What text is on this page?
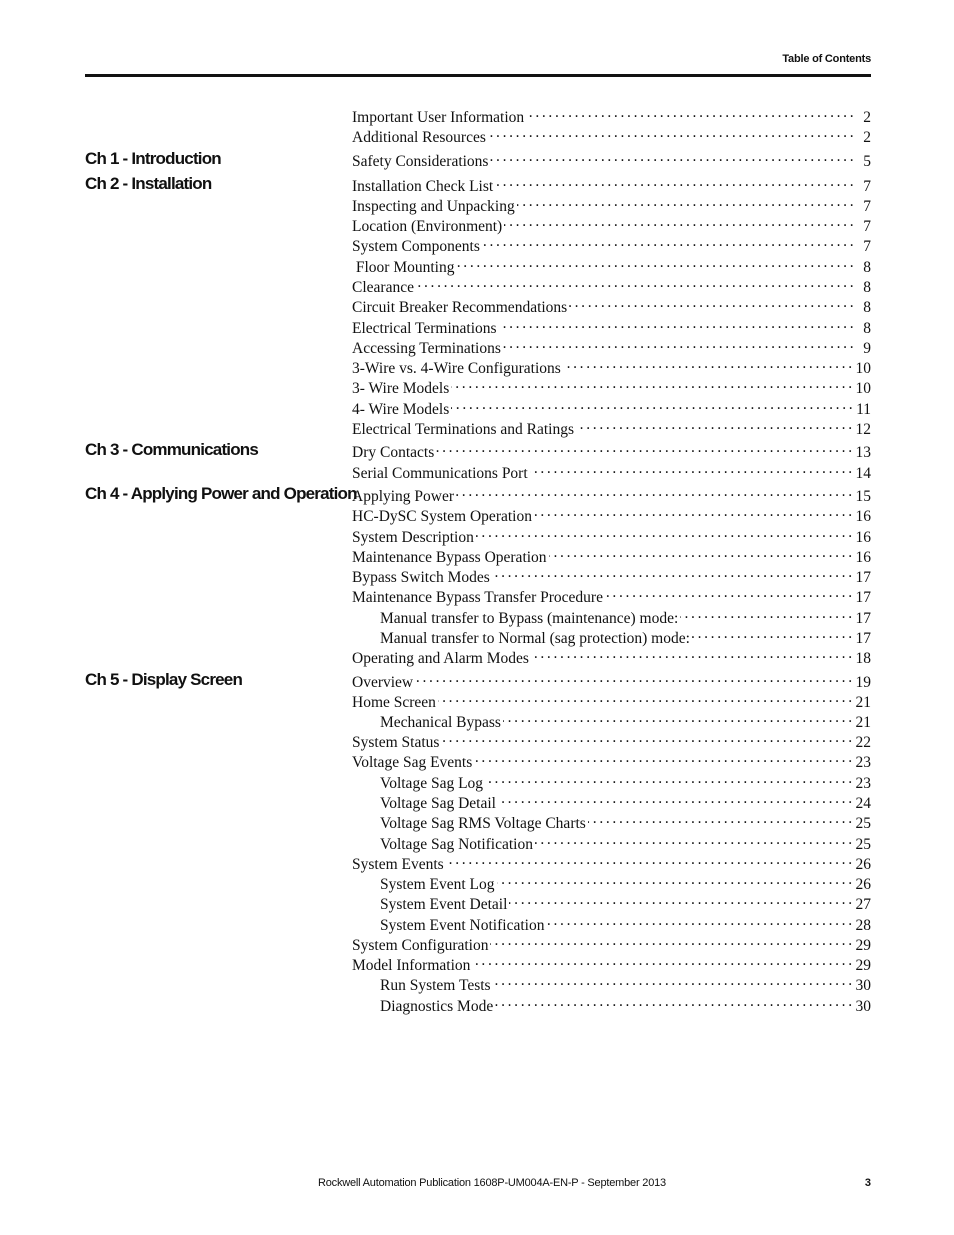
Table of Contents
Ch 1 - Introduction
Ch 2 - Installation
Ch 3 - Communications
Ch 4 - Applying Power and Operation
Ch 5 - Display Screen
Important User Information . . .	2
Additional Resources . . .	2
Safety Considerations . . .	5
Installation Check List . . .	7
Inspecting and Unpacking . . .	7
Location (Environment) . . .	7
System Components . . .	7
Floor Mounting . . .	8
Clearance . . .	8
Circuit Breaker Recommendations . . .	8
Electrical Terminations . . .	8
Accessing Terminations . . .	9
3-Wire vs. 4-Wire Configurations . . .	10
3- Wire Models . . .	10
4- Wire Models . . .	11
Electrical Terminations and Ratings . . .	12
Dry Contacts . . .	13
Serial Communications Port . . .	14
Applying Power . . .	15
HC-DySC System Operation . . .	16
System Description . . .	16
Maintenance Bypass Operation . . .	16
Bypass Switch Modes . . .	17
Maintenance Bypass Transfer Procedure . . .	17
Manual transfer to Bypass (maintenance) mode: . . .	17
Manual transfer to Normal (sag protection) mode: . . .	17
Operating and Alarm Modes . . .	18
Overview . . .	19
Home Screen . . .	21
Mechanical Bypass . . .	21
System Status . . .	22
Voltage Sag Events . . .	23
Voltage Sag Log . . .	23
Voltage Sag Detail . . .	24
Voltage Sag RMS Voltage Charts . . .	25
Voltage Sag Notification . . .	25
System Events . . .	26
System Event Log . . .	26
System Event Detail . . .	27
System Event Notification . . .	28
System Configuration . . .	29
Model Information . . .	29
Run System Tests . . .	30
Diagnostics Mode . . .	30
Rockwell Automation Publication 1608P-UM004A-EN-P - September 2013	3
